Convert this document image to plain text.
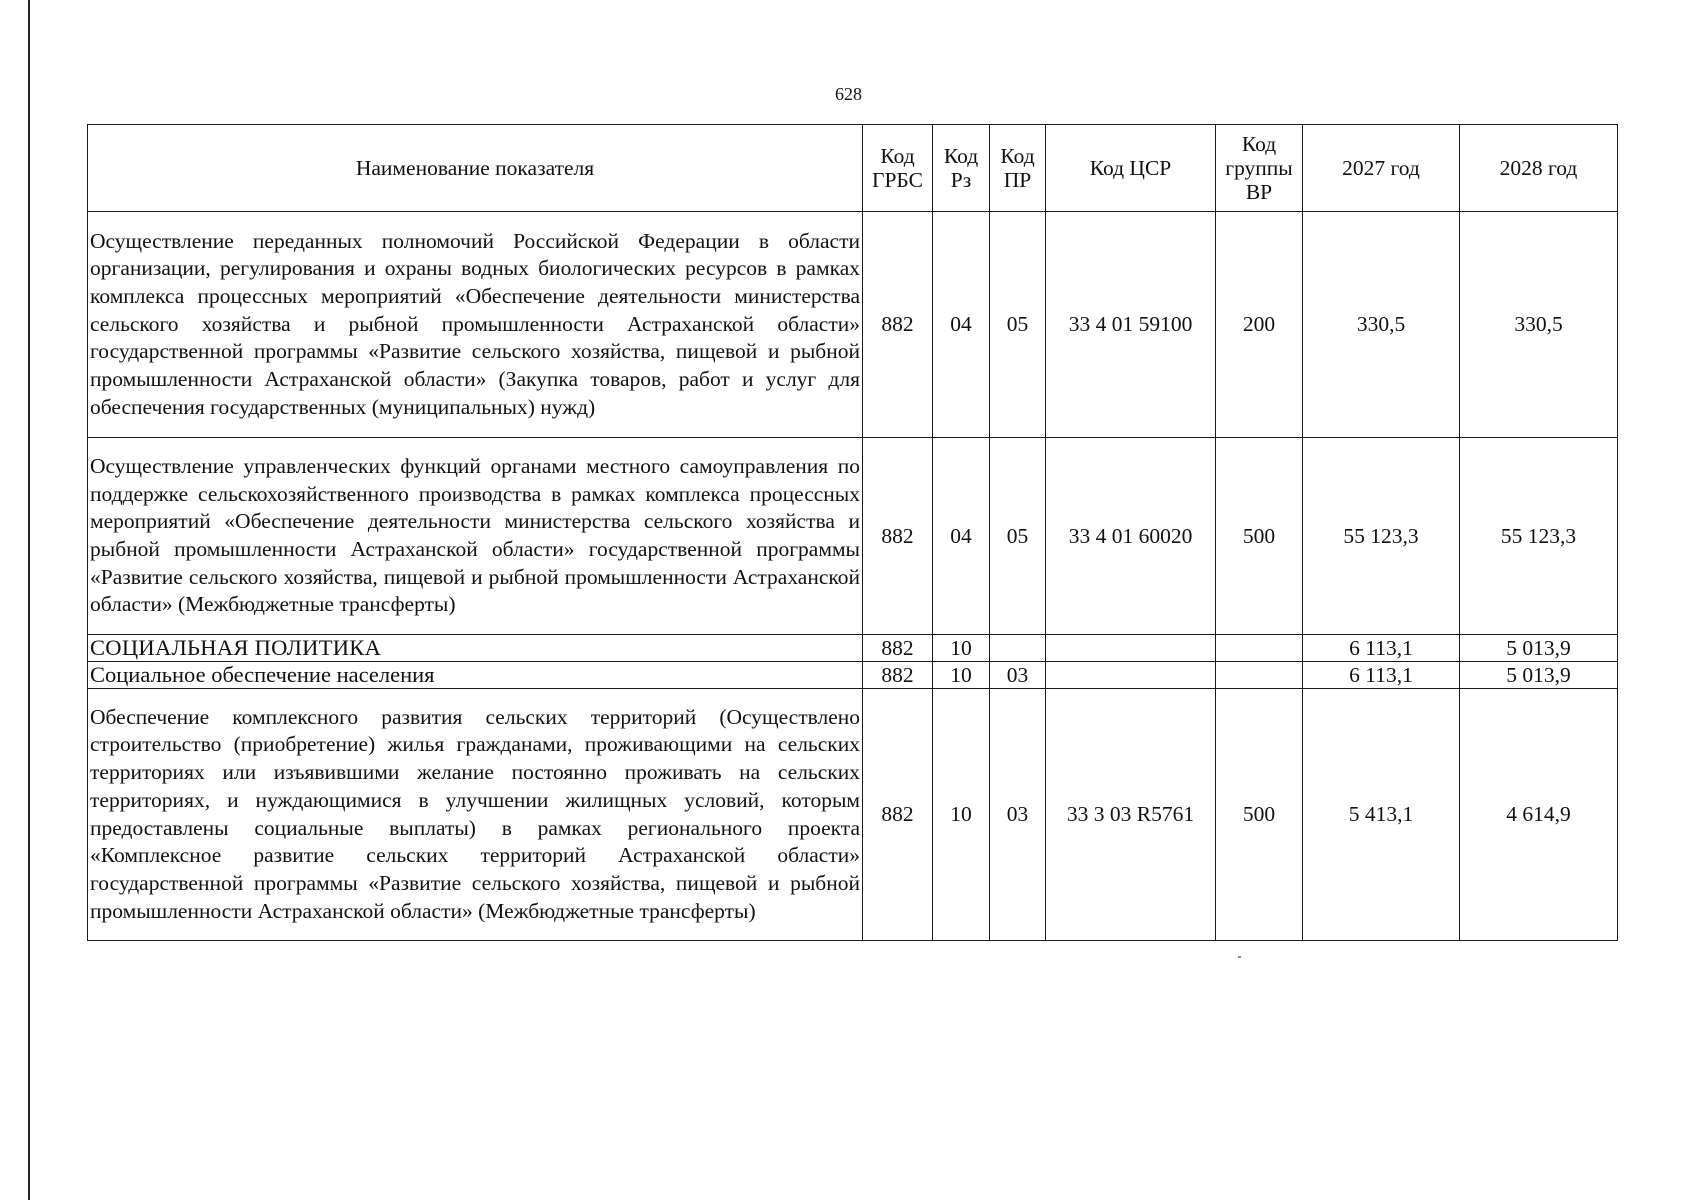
628
Наименование показателя	Код ГРБС	Код Рз	Код ПР	Код ЦСР	Код группы ВР	2027 год	2028 год
Осуществление переданных полномочий Российской Федерации в области организации, регулирования и охраны водных биологических ресурсов в рамках комплекса процессных мероприятий «Обеспечение деятельности министерства сельского хозяйства и рыбной промышленности Астраханской области» государственной программы «Развитие сельского хозяйства, пищевой и рыбной промышленности Астраханской области» (Закупка товаров, работ и услуг для обеспечения государственных (муниципальных) нужд)	882	04	05	33 4 01 59100	200	330,5	330,5
Осуществление управленческих функций органами местного самоуправления по поддержке сельскохозяйственного производства в рамках комплекса процессных мероприятий «Обеспечение деятельности министерства сельского хозяйства и рыбной промышленности Астраханской области» государственной программы «Развитие сельского хозяйства, пищевой и рыбной промышленности Астраханской области» (Межбюджетные трансферты)	882	04	05	33 4 01 60020	500	55 123,3	55 123,3
СОЦИАЛЬНАЯ ПОЛИТИКА	882	10				6 113,1	5 013,9
Социальное обеспечение населения	882	10	03			6 113,1	5 013,9
Обеспечение комплексного развития сельских территорий (Осуществлено строительство (приобретение) жилья гражданами, проживающими на сельских территориях или изъявившими желание постоянно проживать на сельских территориях, и нуждающимися в улучшении жилищных условий, которым предоставлены социальные выплаты) в рамках регионального проекта «Комплексное развитие сельских территорий Астраханской области» государственной программы «Развитие сельского хозяйства, пищевой и рыбной промышленности Астраханской области» (Межбюджетные трансферты)	882	10	03	33 3 03 R5761	500	5 413,1	4 614,9
